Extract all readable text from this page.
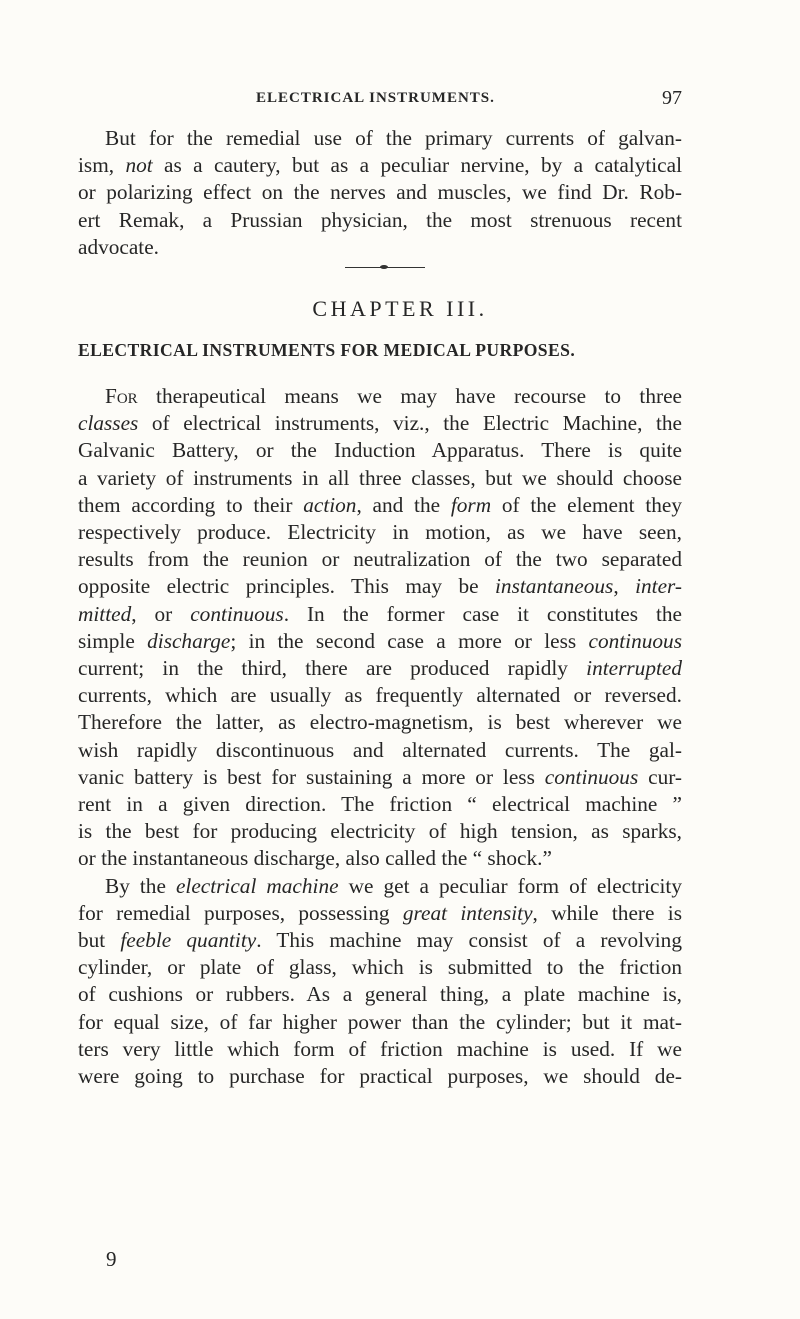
ELECTRICAL INSTRUMENTS.	97
But for the remedial use of the primary currents of galvan-
ism, not as a cautery, but as a peculiar nervine, by a catalytical
or polarizing effect on the nerves and muscles, we find Dr. Rob-
ert Remak, a Prussian physician, the most strenuous recent
advocate.
CHAPTER III.
ELECTRICAL INSTRUMENTS FOR MEDICAL PURPOSES.
For therapeutical means we may have recourse to three
classes of electrical instruments, viz., the Electric Machine, the
Galvanic Battery, or the Induction Apparatus. There is quite
a variety of instruments in all three classes, but we should choose
them according to their action, and the form of the element they
respectively produce. Electricity in motion, as we have seen,
results from the reunion or neutralization of the two separated
opposite electric principles. This may be instantaneous, inter-
mitted, or continuous. In the former case it constitutes the
simple discharge; in the second case a more or less continuous
current; in the third, there are produced rapidly interrupted
currents, which are usually as frequently alternated or reversed.
Therefore the latter, as electro-magnetism, is best wherever we
wish rapidly discontinuous and alternated currents. The gal-
vanic battery is best for sustaining a more or less continuous cur-
rent in a given direction. The friction “ electrical machine ”
is the best for producing electricity of high tension, as sparks,
or the instantaneous discharge, also called the “ shock.”
By the electrical machine we get a peculiar form of electricity
for remedial purposes, possessing great intensity, while there is
but feeble quantity. This machine may consist of a revolving
cylinder, or plate of glass, which is submitted to the friction
of cushions or rubbers. As a general thing, a plate machine is,
for equal size, of far higher power than the cylinder; but it mat-
ters very little which form of friction machine is used. If we
were going to purchase for practical purposes, we should de-
9
